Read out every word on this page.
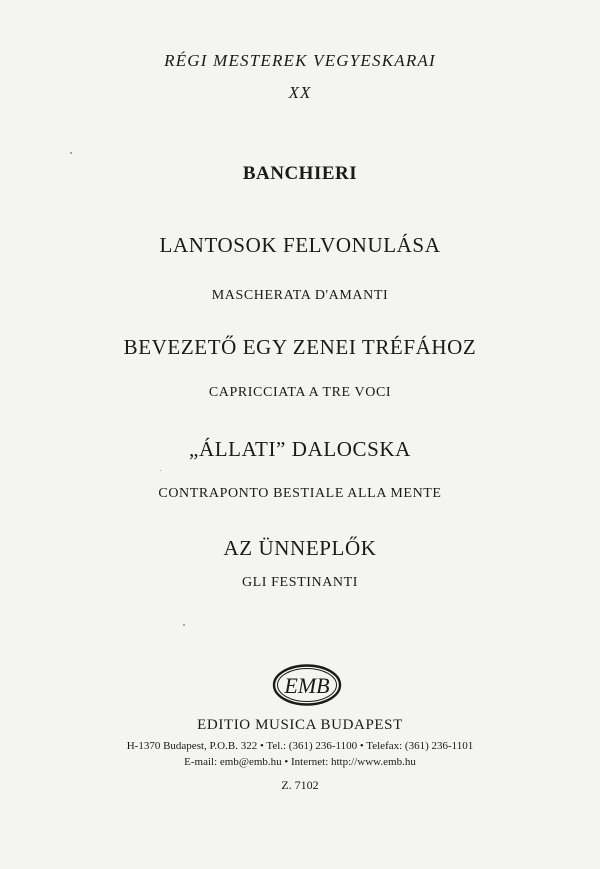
RÉGI MESTEREK VEGYESKARAI
XX
BANCHIERI
LANTOSOK FELVONULÁSA
MASCHERATA D'AMANTI
BEVEZETŐ EGY ZENEI TRÉFÁHOZ
CAPRICCIATA A TRE VOCI
„ÁLLATI” DALOCSKA
CONTRAPONTO BESTIALE ALLA MENTE
AZ ÜNNEPLŐK
GLI FESTINANTI
EMB
EDITIO MUSICA BUDAPEST
H-1370 Budapest, P.O.B. 322 • Tel.: (361) 236-1100 • Telefax: (361) 236-1101
E-mail: emb@emb.hu • Internet: http://www.emb.hu
Z. 7102
